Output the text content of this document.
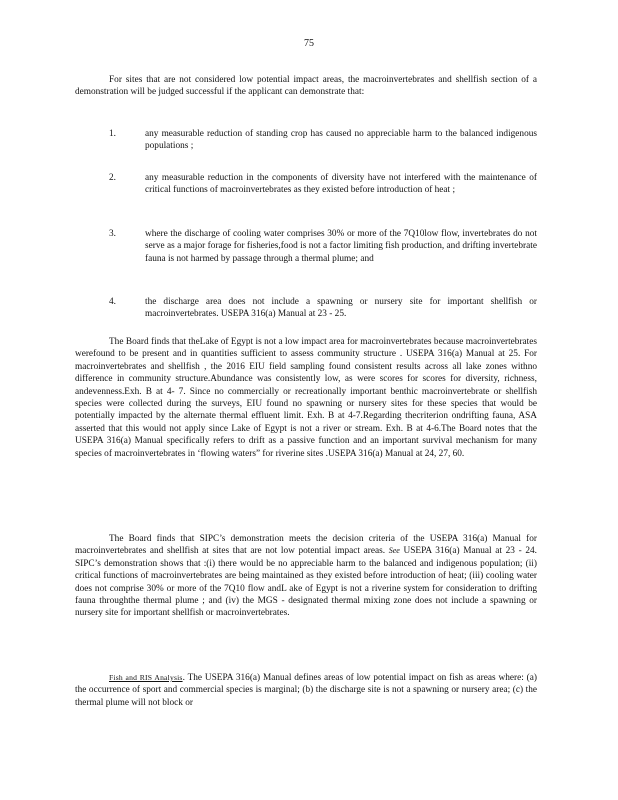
75

For sites that are not considered low potential impact areas, the macroinvertebrates and shellfish section of a demonstration will be judged successful if the applicant can demonstrate that:

1.	any measurable reduction of standing crop has caused no appreciable harm to the balanced indigenous populations ;
2.	any measurable reduction in the components of diversity have not interfered with the maintenance of critical functions of macroinvertebrates as they existed before introduction of heat ;
3.	where the discharge of cooling water comprises 30% or more of the 7Q10low flow, invertebrates do not serve as a major forage for fisheries,food is not a factor limiting fish production, and drifting invertebrate fauna is not harmed by passage through a thermal plume; and
4.	the discharge area does not include a spawning or nursery site for important shellfish or macroinvertebrates. USEPA 316(a) Manual at 23 - 25.

The Board finds that theLake of Egypt is not a low impact area for macroinvertebrates because macroinvertebrates werefound to be present and in quantities sufficient to assess community structure . USEPA 316(a) Manual at 25. For macroinvertebrates and shellfish , the 2016 EIU field sampling found consistent results across all lake zones withno difference in community structure.Abundance was consistently low, as were scores for scores for diversity, richness, andevenness.Exh. B at 4- 7. Since no commercially or recreationally important benthic macroinvertebrate or shellfish species were collected during the surveys, EIU found no spawning or nursery sites for these species that would be potentially impacted by the alternate thermal effluent limit. Exh. B at 4-7.Regarding thecriterion ondrifting fauna, ASA asserted that this would not apply since Lake of Egypt is not a river or stream. Exh. B at 4-6.The Board notes that the USEPA 316(a) Manual specifically refers to drift as a passive function and an important survival mechanism for many species of macroinvertebrates in ‘flowing waters” for riverine sites .USEPA 316(a) Manual at 24, 27, 60.

The Board finds that SIPC’s demonstration meets the decision criteria of the USEPA 316(a) Manual for macroinvertebrates and shellfish at sites that are not low potential impact areas. See USEPA 316(a) Manual at 23 - 24. SIPC’s demonstration shows that :(i) there would be no appreciable harm to the balanced and indigenous population; (ii) critical functions of macroinvertebrates are being maintained as they existed before introduction of heat; (iii) cooling water does not comprise 30% or more of the 7Q10 flow andL ake of Egypt is not a riverine system for consideration to drifting fauna throughthe thermal plume ; and (iv) the MGS - designated thermal mixing zone does not include a spawning or nursery site for important shellfish or macroinvertebrates.

Fish and RIS Analysis. The USEPA 316(a) Manual defines areas of low potential impact on fish as areas where: (a) the occurrence of sport and commercial species is marginal; (b) the discharge site is not a spawning or nursery area; (c) the thermal plume will not block or
